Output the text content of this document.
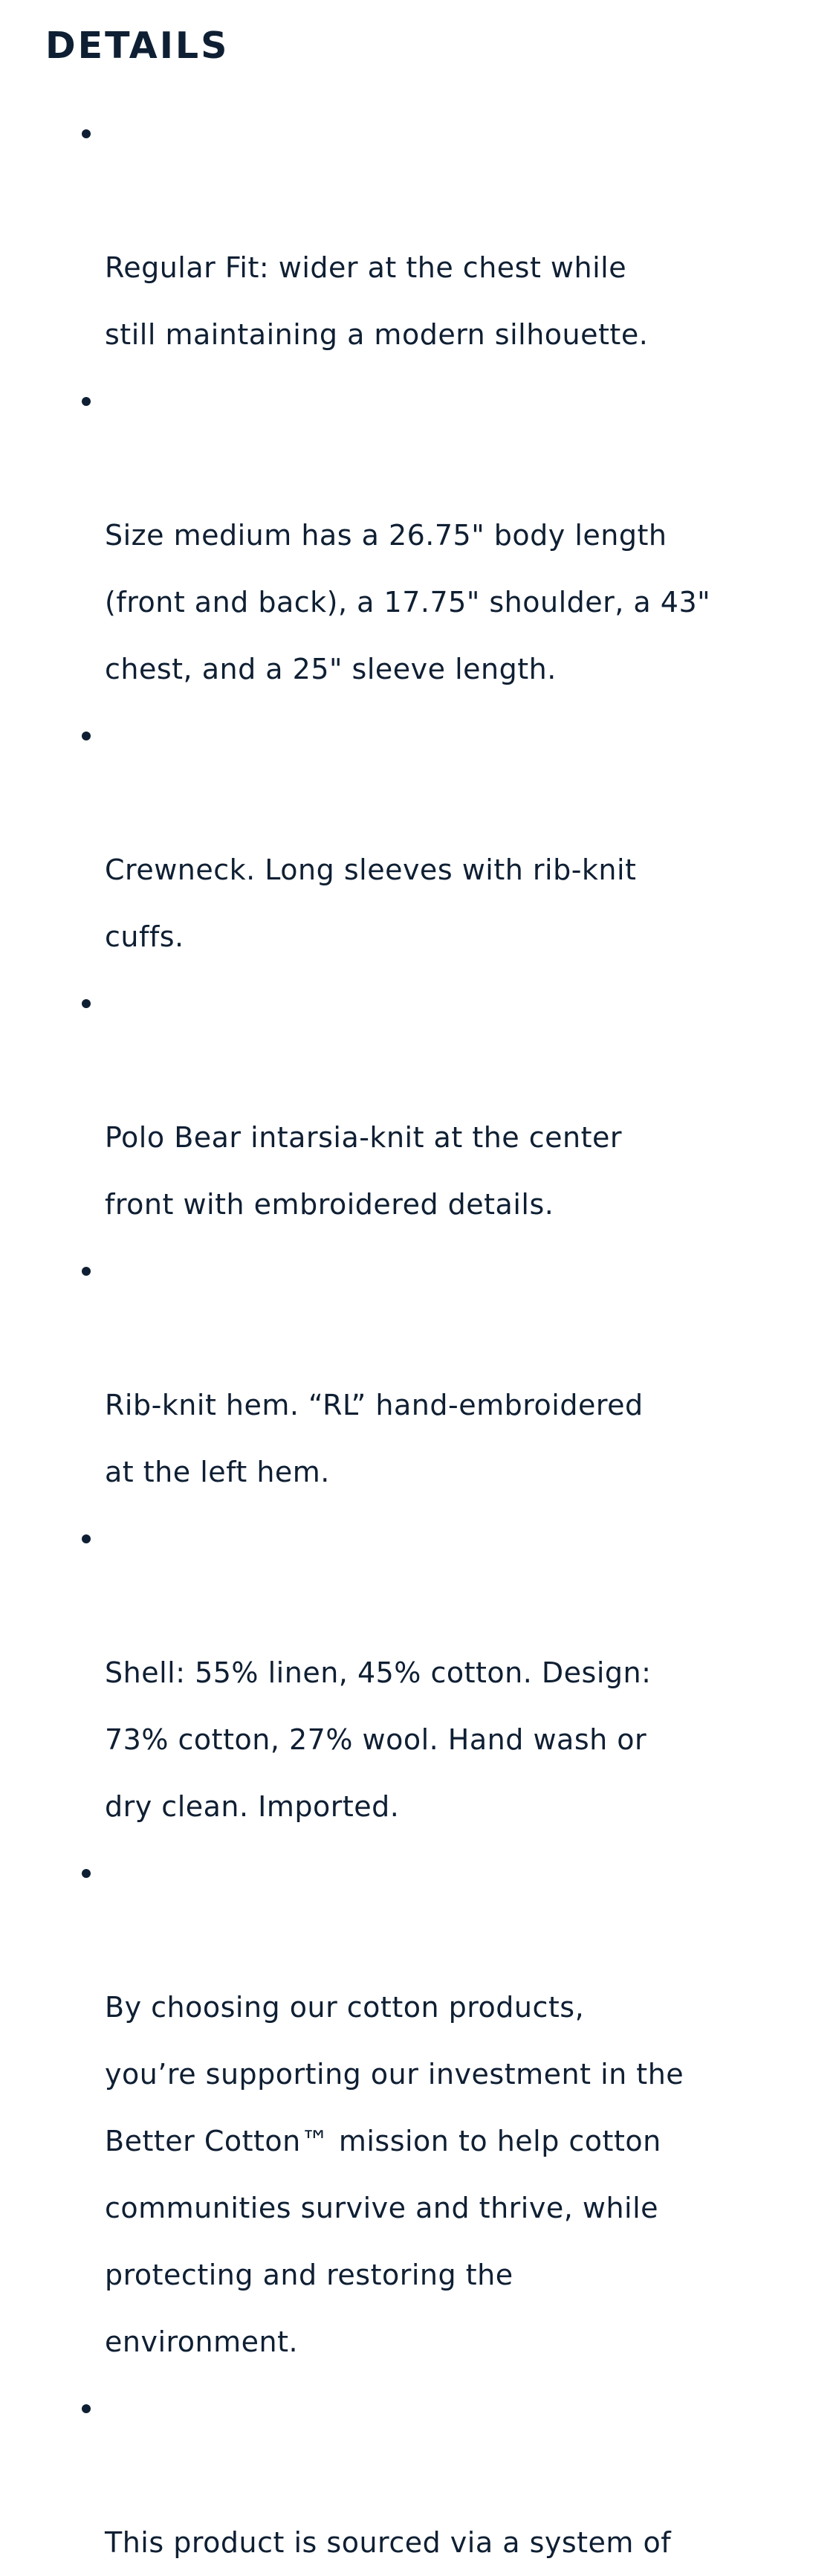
DETAILS

Regular Fit: wider at the chest while
still maintaining a modern silhouette.

Size medium has a 26.75" body length
(front and back), a 17.75" shoulder, a 43"
chest, and a 25" sleeve length.

Crewneck. Long sleeves with rib-knit
cuffs.

Polo Bear intarsia-knit at the center
front with embroidered details.

Rib-knit hem. “RL” hand-embroidered
at the left hem.

Shell: 55% linen, 45% cotton. Design:
73% cotton, 27% wool. Hand wash or
dry clean. Imported.

By choosing our cotton products,
you’re supporting our investment in the
Better Cotton™ mission to help cotton
communities survive and thrive, while
protecting and restoring the
environment.

This product is sourced via a system of
